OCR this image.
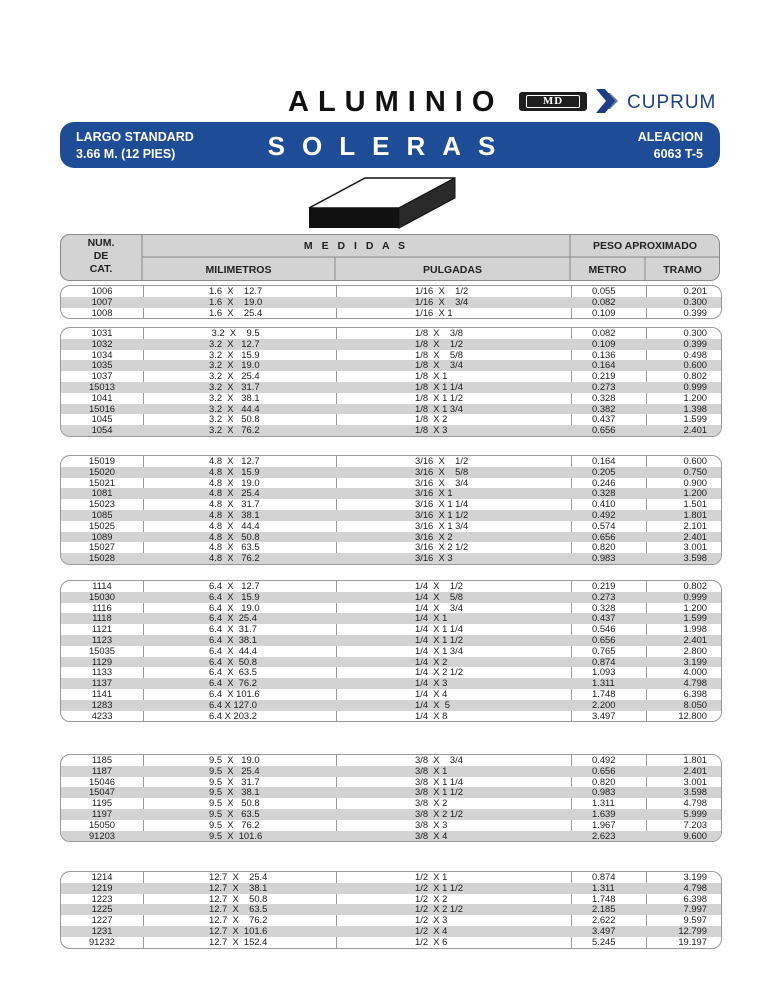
ALUMINIO	MD	CUPRUM
LARGO STANDARD
3.66 M. (12 PIES)	SOLERAS	ALEACION
6063 T-5
NUM.
DE
CAT.
M E D I D A S
MILIMETROS	PULGADAS
PESO APROXIMADO
METRO	TRAMO
1006	1.6  X    12.7	1/16  X    1/2	0.055	0.201
1007	1.6  X    19.0	1/16  X    3/4	0.082	0.300
1008	1.6  X    25.4	1/16  X 1	0.109	0.399
1031	3.2  X    9.5	1/8  X    3/8	0.082	0.300
1032	3.2  X   12.7	1/8  X    1/2	0.109	0.399
1034	3.2  X   15.9	1/8  X    5/8	0.136	0.498
1035	3.2  X   19.0	1/8  X    3/4	0.164	0.600
1037	3.2  X   25.4	1/8  X 1	0.219	0.802
15013	3.2  X   31.7	1/8  X 1 1/4	0.273	0.999
1041	3.2  X   38.1	1/8  X 1 1/2	0.328	1.200
15016	3.2  X   44.4	1/8  X 1 3/4	0.382	1.398
1045	3.2  X   50.8	1/8  X 2	0.437	1.599
1054	3.2  X   76.2	1/8  X 3	0.656	2.401
15019	4.8  X   12.7	3/16  X    1/2	0.164	0.600
15020	4.8  X   15.9	3/16  X    5/8	0.205	0.750
15021	4.8  X   19.0	3/16  X    3/4	0.246	0.900
1081	4.8  X   25.4	3/16  X 1	0.328	1.200
15023	4.8  X   31.7	3/16  X 1 1/4	0.410	1.501
1085	4.8  X   38.1	3/16  X 1 1/2	0.492	1.801
15025	4.8  X   44.4	3/16  X 1 3/4	0.574	2.101
1089	4.8  X   50.8	3/16  X 2	0.656	2.401
15027	4.8  X   63.5	3/16  X 2 1/2	0.820	3.001
15028	4.8  X   76.2	3/16  X 3	0.983	3.598
1114	6.4  X   12.7	1/4  X    1/2	0.219	0.802
15030	6.4  X   15.9	1/4  X    5/8	0.273	0.999
1116	6.4  X   19.0	1/4  X    3/4	0.328	1.200
1118	6.4  X  25.4	1/4  X 1	0.437	1.599
1121	6.4  X  31.7	1/4  X 1 1/4	0.546	1.998
1123	6.4  X  38.1	1/4  X 1 1/2	0.656	2.401
15035	6.4  X  44.4	1/4  X 1 3/4	0.765	2.800
1129	6.4  X  50.8	1/4  X 2	0.874	3.199
1133	6.4  X  63.5	1/4  X 2 1/2	1.093	4.000
1137	6.4  X  76.2	1/4  X 3	1.311	4.798
1141	6.4  X 101.6	1/4  X 4	1.748	6.398
1283	6.4 X 127.0	1/4  X  5	2.200	8.050
4233	6.4 X 203.2	1/4  X 8	3.497	12.800
1185	9.5  X   19.0	3/8  X    3/4	0.492	1.801
1187	9.5  X   25.4	3/8  X 1	0.656	2.401
15046	9.5  X   31.7	3/8  X 1 1/4	0.820	3.001
15047	9.5  X   38.1	3/8  X 1 1/2	0.983	3.598
1195	9.5  X   50.8	3/8  X 2	1.311	4.798
1197	9.5  X   63.5	3/8  X 2 1/2	1.639	5.999
15050	9.5  X   76.2	3/8  X 3	1.967	7.203
91203	9.5  X  101.6	3/8  X 4	2.623	9.600
1214	12.7  X    25.4	1/2  X 1	0.874	3.199
1219	12.7  X    38.1	1/2  X 1 1/2	1.311	4.798
1223	12.7  X    50.8	1/2  X 2	1.748	6.398
1225	12.7  X    63.5	1/2  X 2 1/2	2.185	7.997
1227	12.7  X    76.2	1/2  X 3	2.622	9.597
1231	12.7  X  101.6	1/2  X 4	3.497	12.799
91232	12.7  X  152.4	1/2  X 6	5.245	19.197
